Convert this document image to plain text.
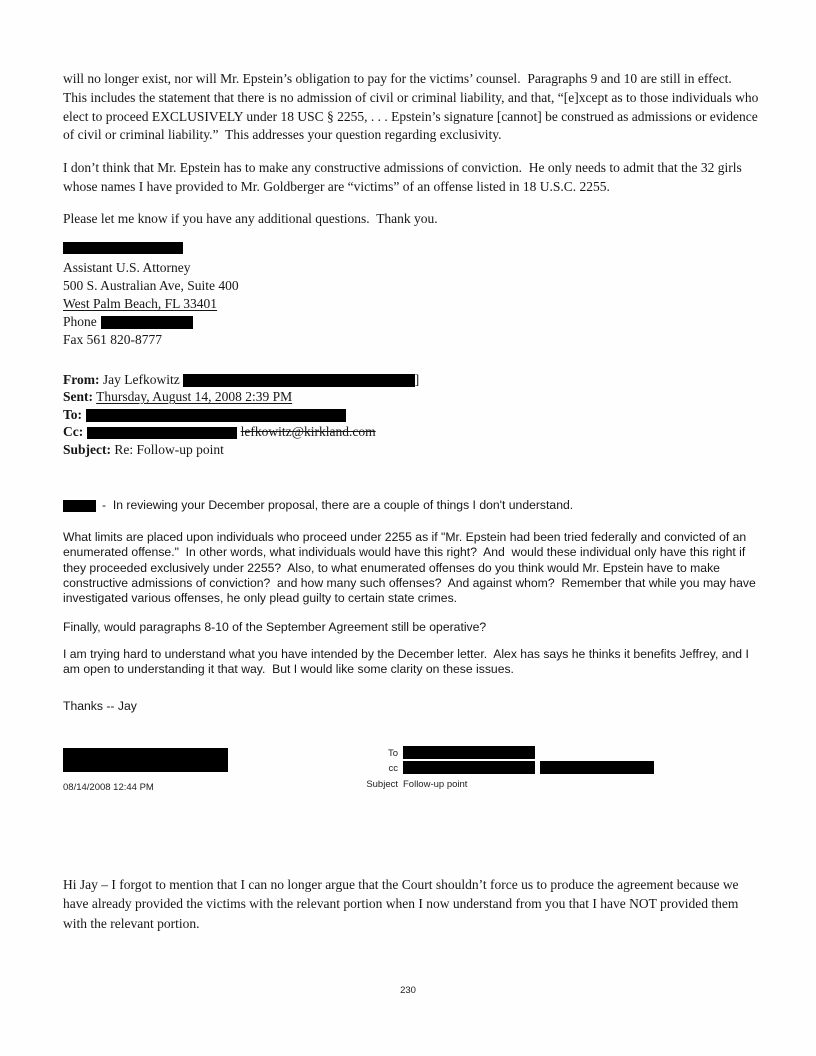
will no longer exist, nor will Mr. Epstein’s obligation to pay for the victims’ counsel.  Paragraphs 9 and 10 are still in effect.  This includes the statement that there is no admission of civil or criminal liability, and that, “[e]xcept as to those individuals who elect to proceed EXCLUSIVELY under 18 USC § 2255, . . . Epstein’s signature [cannot] be construed as admissions or evidence of civil or criminal liability.”  This addresses your question regarding exclusivity.

I don’t think that Mr. Epstein has to make any constructive admissions of conviction.  He only needs to admit that the 32 girls whose names I have provided to Mr. Goldberger are “victims” of an offense listed in 18 U.S.C. 2255.

Please let me know if you have any additional questions.  Thank you.

Assistant U.S. Attorney
500 S. Australian Ave, Suite 400
West Palm Beach, FL 33401
Phone
Fax 561 820-8777
From: Jay Lefkowitz	]
Sent: Thursday, August 14, 2008 2:39 PM
To:
Cc:	lefkowitz@kirkland.com
Subject: Re: Follow-up point

-  In reviewing your December proposal, there are a couple of things I don't understand.

What limits are placed upon individuals who proceed under 2255 as if "Mr. Epstein had been tried federally and convicted of an enumerated offense."  In other words, what individuals would have this right?  And  would these individual only have this right if they proceeded exclusively under 2255?  Also, to what enumerated offenses do you think would Mr. Epstein have to make constructive admissions of conviction?  and how many such offenses?  And against whom?  Remember that while you may have investigated various offenses, he only plead guilty to certain state crimes.

Finally, would paragraphs 8-10 of the September Agreement still be operative?

I am trying hard to understand what you have intended by the December letter.  Alex has says he thinks it benefits Jeffrey, and I am open to understanding it that way.  But I would like some clarity on these issues.

Thanks -- Jay

08/14/2008 12:44 PM
To
cc
Subject Follow-up point

Hi Jay – I forgot to mention that I can no longer argue that the Court shouldn’t force us to produce the agreement because we have already provided the victims with the relevant portion when I now understand from you that I have NOT provided them with the relevant portion.

230
